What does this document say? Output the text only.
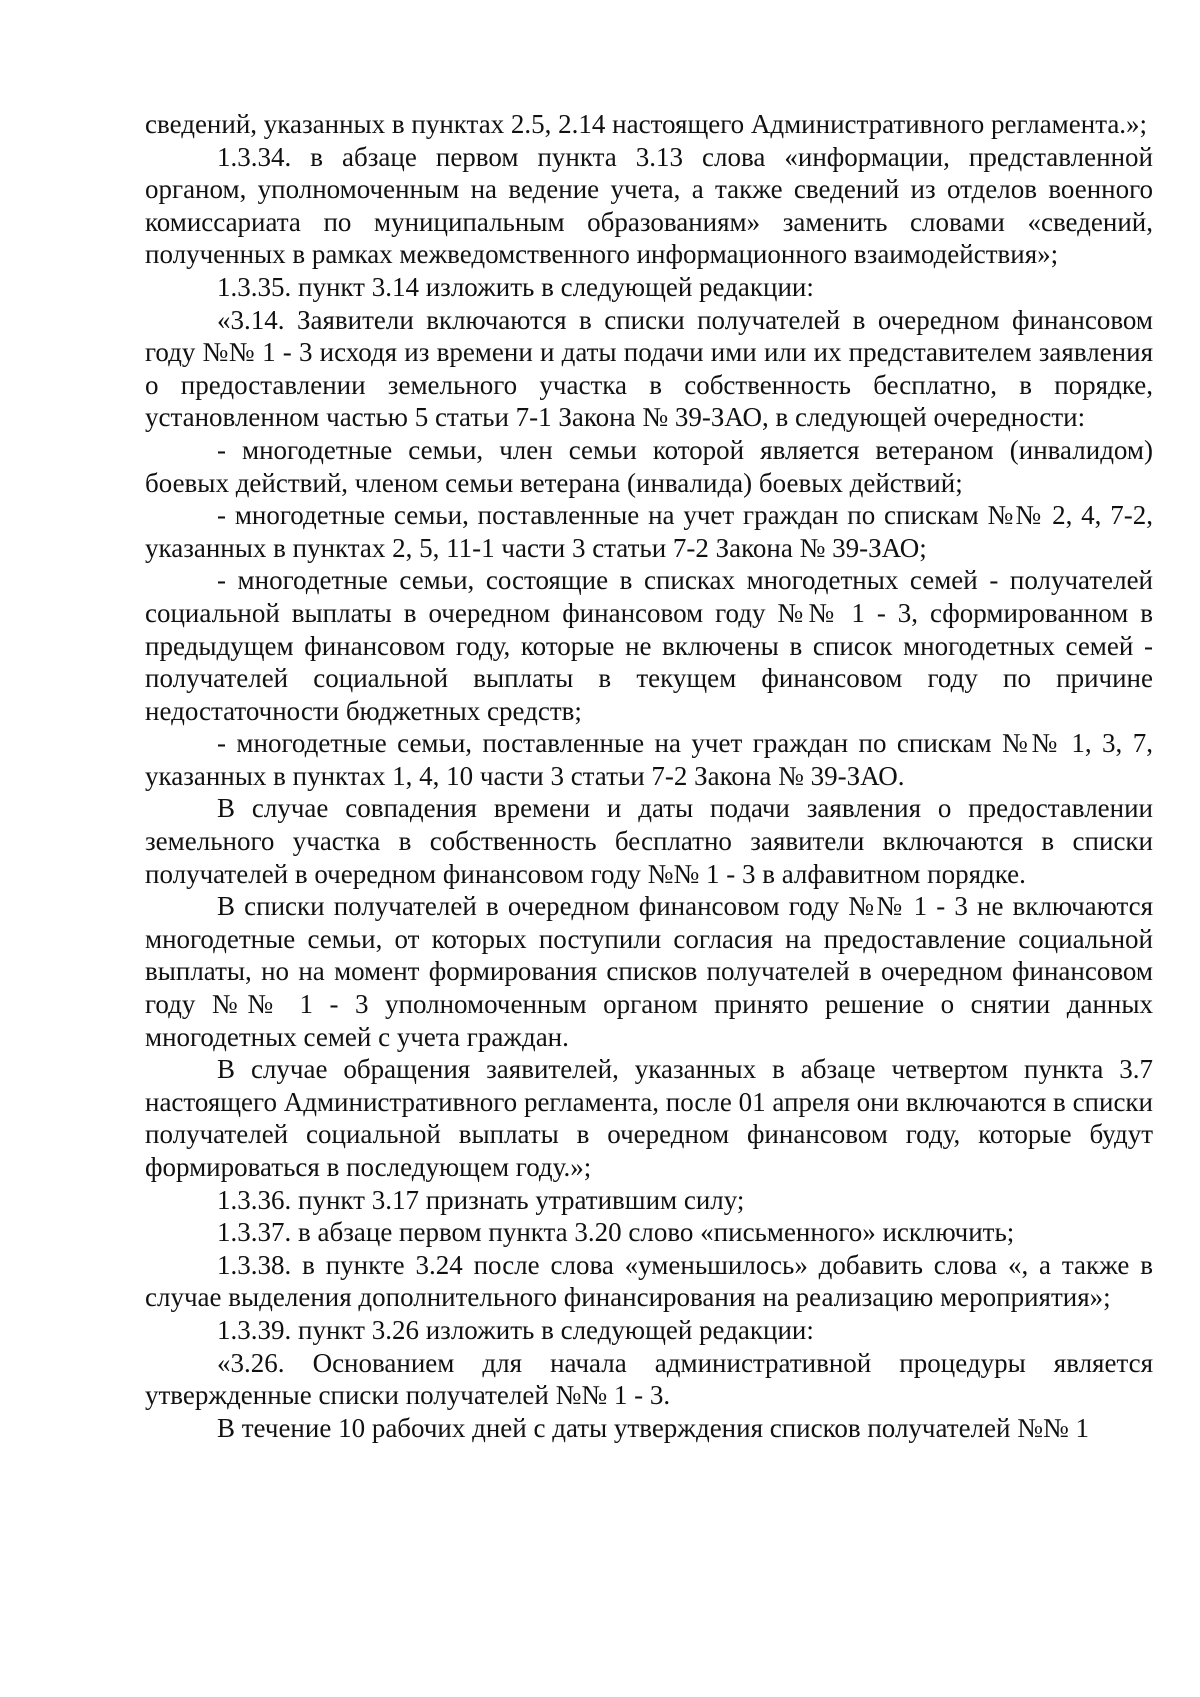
сведений, указанных в пунктах 2.5, 2.14 настоящего Административного регламента.»;

1.3.34. в абзаце первом пункта 3.13 слова «информации, представленной органом, уполномоченным на ведение учета, а также сведений из отделов военного комиссариата по муниципальным образованиям» заменить словами «сведений, полученных в рамках межведомственного информационного взаимодействия»;

1.3.35. пункт 3.14 изложить в следующей редакции:

«3.14. Заявители включаются в списки получателей в очередном финансовом году №№ 1 - 3 исходя из времени и даты подачи ими или их представителем заявления о предоставлении земельного участка в собственность бесплатно, в порядке, установленном частью 5 статьи 7-1 Закона № 39-ЗАО, в следующей очередности:

- многодетные семьи, член семьи которой является ветераном (инвалидом) боевых действий, членом семьи ветерана (инвалида) боевых действий;

- многодетные семьи, поставленные на учет граждан по спискам №№ 2, 4, 7-2, указанных в пунктах 2, 5, 11-1 части 3 статьи 7-2 Закона № 39-ЗАО;

- многодетные семьи, состоящие в списках многодетных семей - получателей социальной выплаты в очередном финансовом году №№ 1 - 3, сформированном в предыдущем финансовом году, которые не включены в список многодетных семей - получателей социальной выплаты в текущем финансовом году по причине недостаточности бюджетных средств;

- многодетные семьи, поставленные на учет граждан по спискам №№ 1, 3, 7, указанных в пунктах 1, 4, 10 части 3 статьи 7-2 Закона № 39-ЗАО.

В случае совпадения времени и даты подачи заявления о предоставлении земельного участка в собственность бесплатно заявители включаются в списки получателей в очередном финансовом году №№ 1 - 3 в алфавитном порядке.

В списки получателей в очередном финансовом году №№ 1 - 3 не включаются многодетные семьи, от которых поступили согласия на предоставление социальной выплаты, но на момент формирования списков получателей в очередном финансовом году №№ 1 - 3 уполномоченным органом принято решение о снятии данных многодетных семей с учета граждан.

В случае обращения заявителей, указанных в абзаце четвертом пункта 3.7 настоящего Административного регламента, после 01 апреля они включаются в списки получателей социальной выплаты в очередном финансовом году, которые будут формироваться в последующем году.»;

1.3.36. пункт 3.17 признать утратившим силу;

1.3.37. в абзаце первом пункта 3.20 слово «письменного» исключить;

1.3.38. в пункте 3.24 после слова «уменьшилось» добавить слова «, а также в случае выделения дополнительного финансирования на реализацию мероприятия»;

1.3.39. пункт 3.26 изложить в следующей редакции:

«3.26. Основанием для начала административной процедуры является утвержденные списки получателей №№ 1 - 3.

В течение 10 рабочих дней с даты утверждения списков получателей №№ 1
